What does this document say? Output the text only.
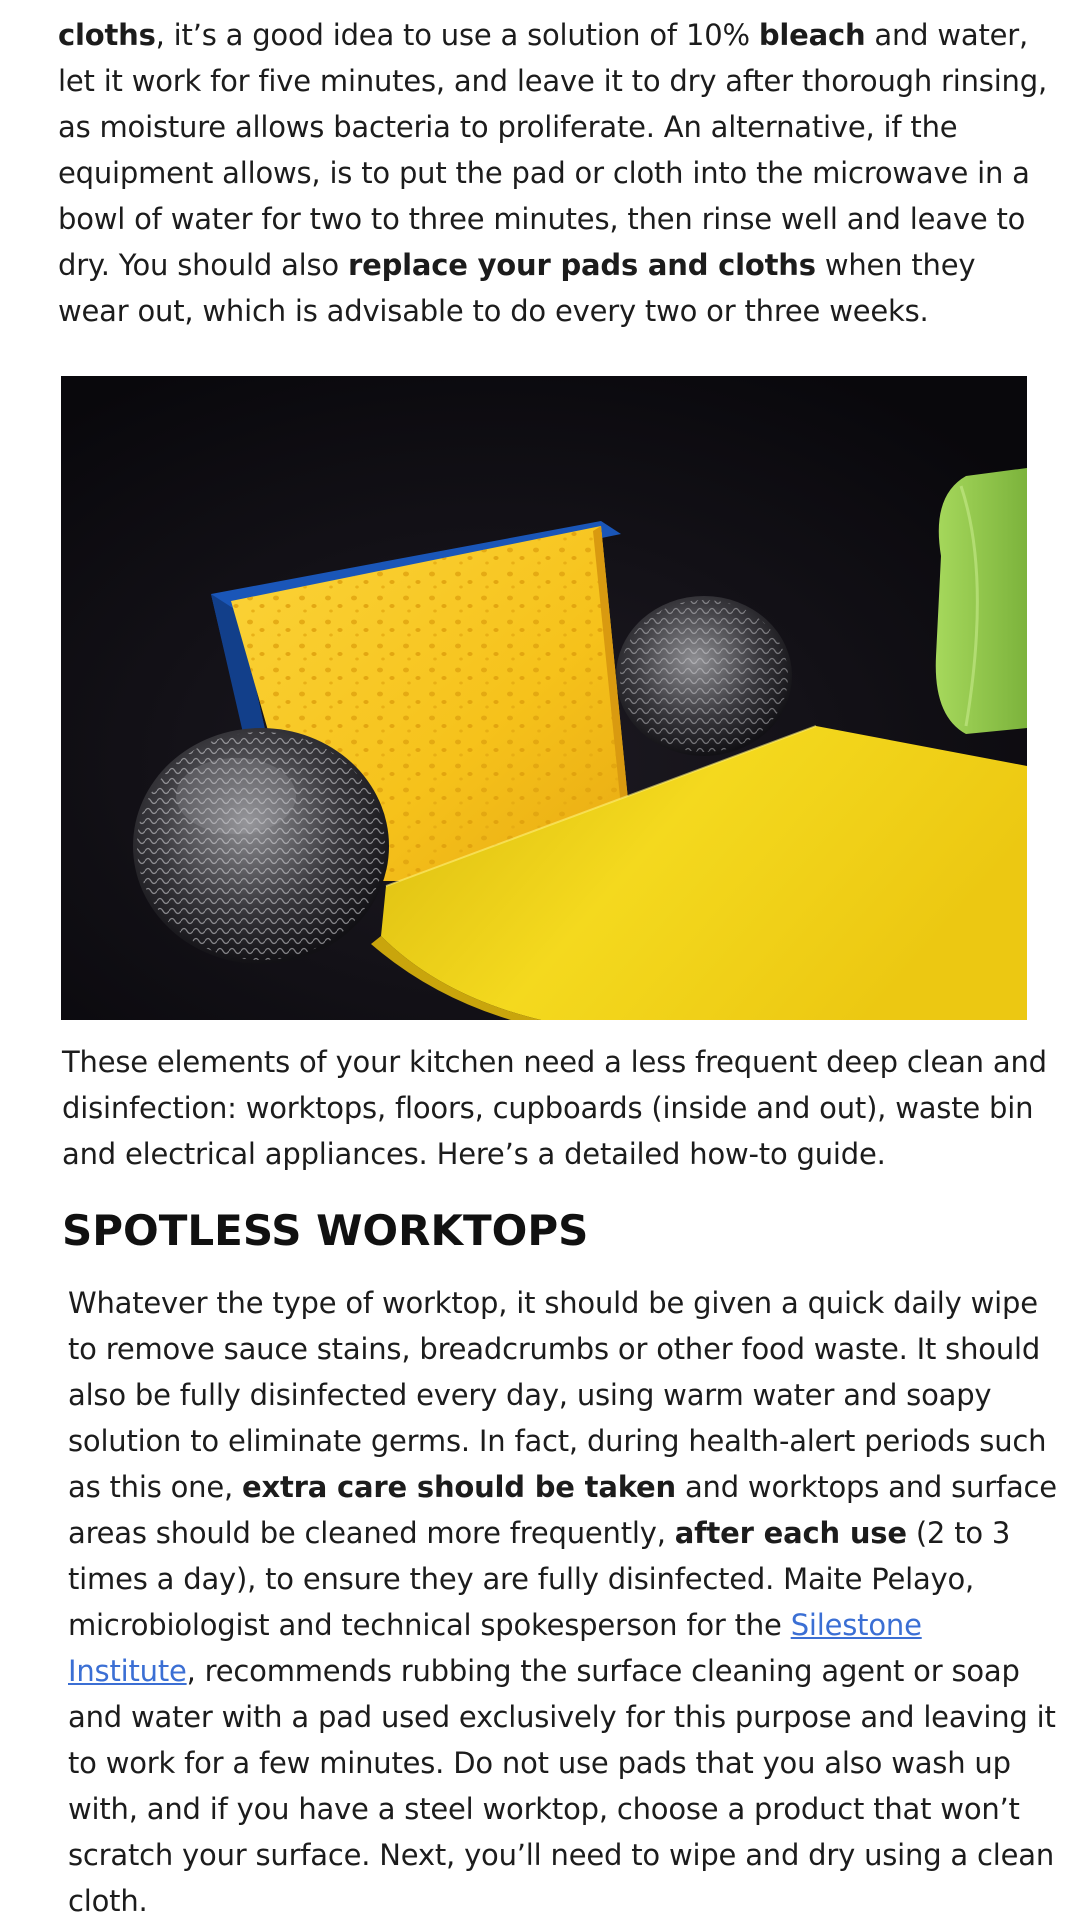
cloths, it’s a good idea to use a solution of 10% bleach and water, let it work for five minutes, and leave it to dry after thorough rinsing, as moisture allows bacteria to proliferate. An alternative, if the equipment allows, is to put the pad or cloth into the microwave in a bowl of water for two to three minutes, then rinse well and leave to dry. You should also replace your pads and cloths when they wear out, which is advisable to do every two or three weeks.

These elements of your kitchen need a less frequent deep clean and disinfection: worktops, floors, cupboards (inside and out), waste bin and electrical appliances. Here’s a detailed how-to guide.

SPOTLESS WORKTOPS

Whatever the type of worktop, it should be given a quick daily wipe to remove sauce stains, breadcrumbs or other food waste. It should also be fully disinfected every day, using warm water and soapy solution to eliminate germs. In fact, during health-alert periods such as this one, extra care should be taken and worktops and surface areas should be cleaned more frequently, after each use (2 to 3 times a day), to ensure they are fully disinfected. Maite Pelayo, microbiologist and technical spokesperson for the Silestone Institute, recommends rubbing the surface cleaning agent or soap and water with a pad used exclusively for this purpose and leaving it to work for a few minutes. Do not use pads that you also wash up with, and if you have a steel worktop, choose a product that won’t scratch your surface. Next, you’ll need to wipe and dry using a clean cloth.
